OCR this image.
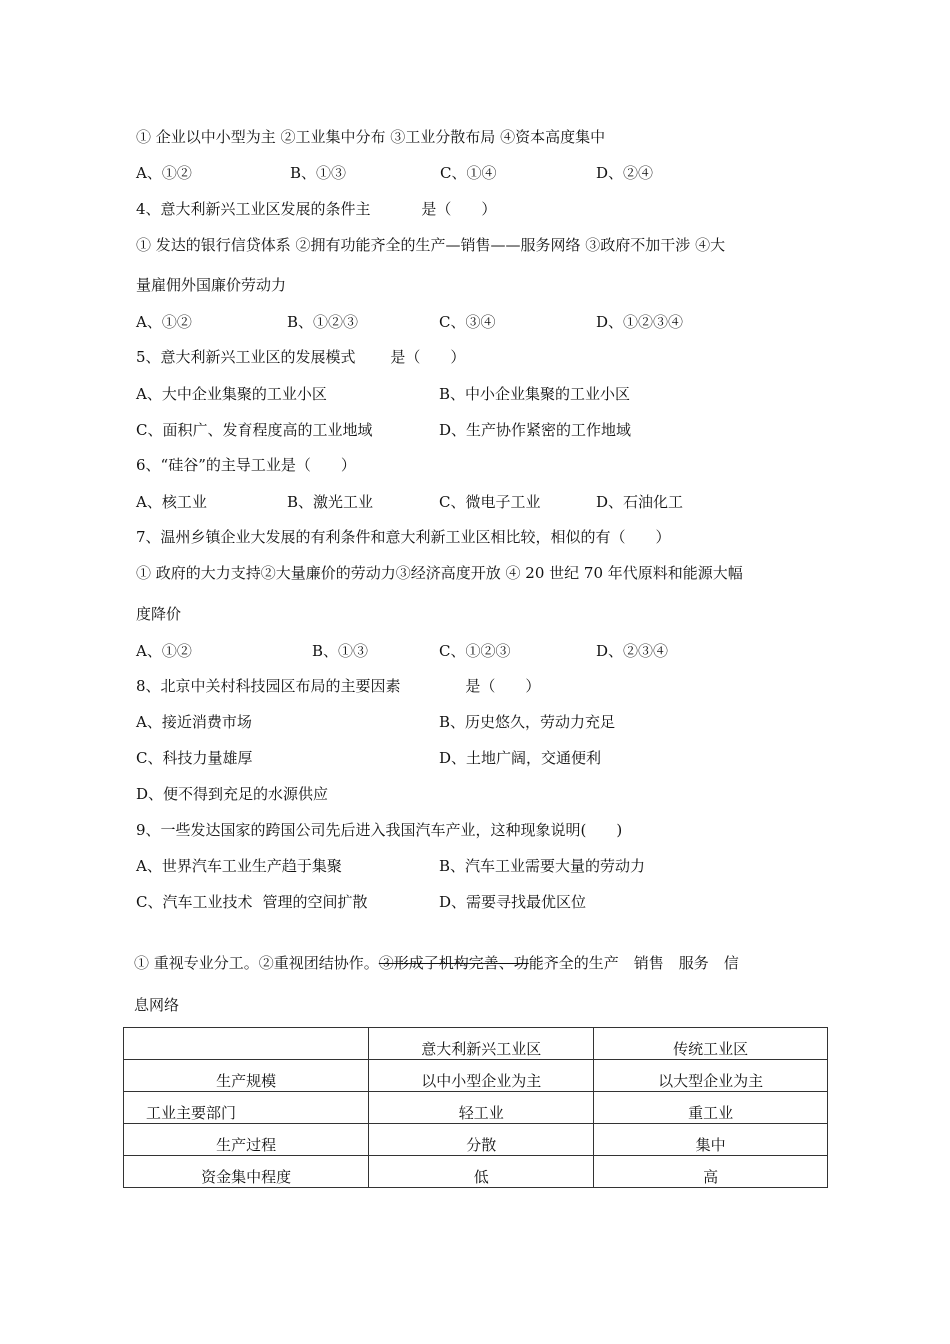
① 企业以中小型为主 ②工业集中分布 ③工业分散布局 ④资本高度集中
A、①②	B、①③	C、①④	D、②④
4、意大利新兴工业区发展的条件主	是（　　）
① 发达的银行信贷体系 ②拥有功能齐全的生产—销售——服务网络 ③政府不加干涉 ④大
量雇佣外国廉价劳动力
A、①②	B、①②③	C、③④	D、①②③④
5、意大利新兴工业区的发展模式 是（　　）
A、大中企业集聚的工业小区	B、中小企业集聚的工业小区
C、面积广、发育程度高的工业地域	D、生产协作紧密的工作地域
6、“硅谷”的主导工业是（　　）
A、核工业	B、激光工业	C、微电子工业	D、石油化工
7、温州乡镇企业大发展的有利条件和意大利新工业区相比较，相似的有（　　）
① 政府的大力支持②大量廉价的劳动力③经济高度开放 ④ 20 世纪 70 年代原料和能源大幅
度降价
A、①②	B、①③	C、①②③	D、②③④
8、北京中关村科技园区布局的主要因素	是（　　）
A、接近消费市场	B、历史悠久，劳动力充足
C、科技力量雄厚	D、土地广阔，交通便利
D、便不得到充足的水源供应
9、一些发达国家的跨国公司先后进入我国汽车产业，这种现象说明(　　)
A、世界汽车工业生产趋于集聚	B、汽车工业需要大量的劳动力
C、汽车工业技术 管理的空间扩散	D、需要寻找最优区位
① 重视专业分工。②重视团结协作。③形成了机构完善、功能齐全的生产　销售　服务　信
息网络
	意大利新兴工业区	传统工业区
生产规模	以中小型企业为主	以大型企业为主
工业主要部门	轻工业	重工业
生产过程	分散	集中
资金集中程度	低	高
